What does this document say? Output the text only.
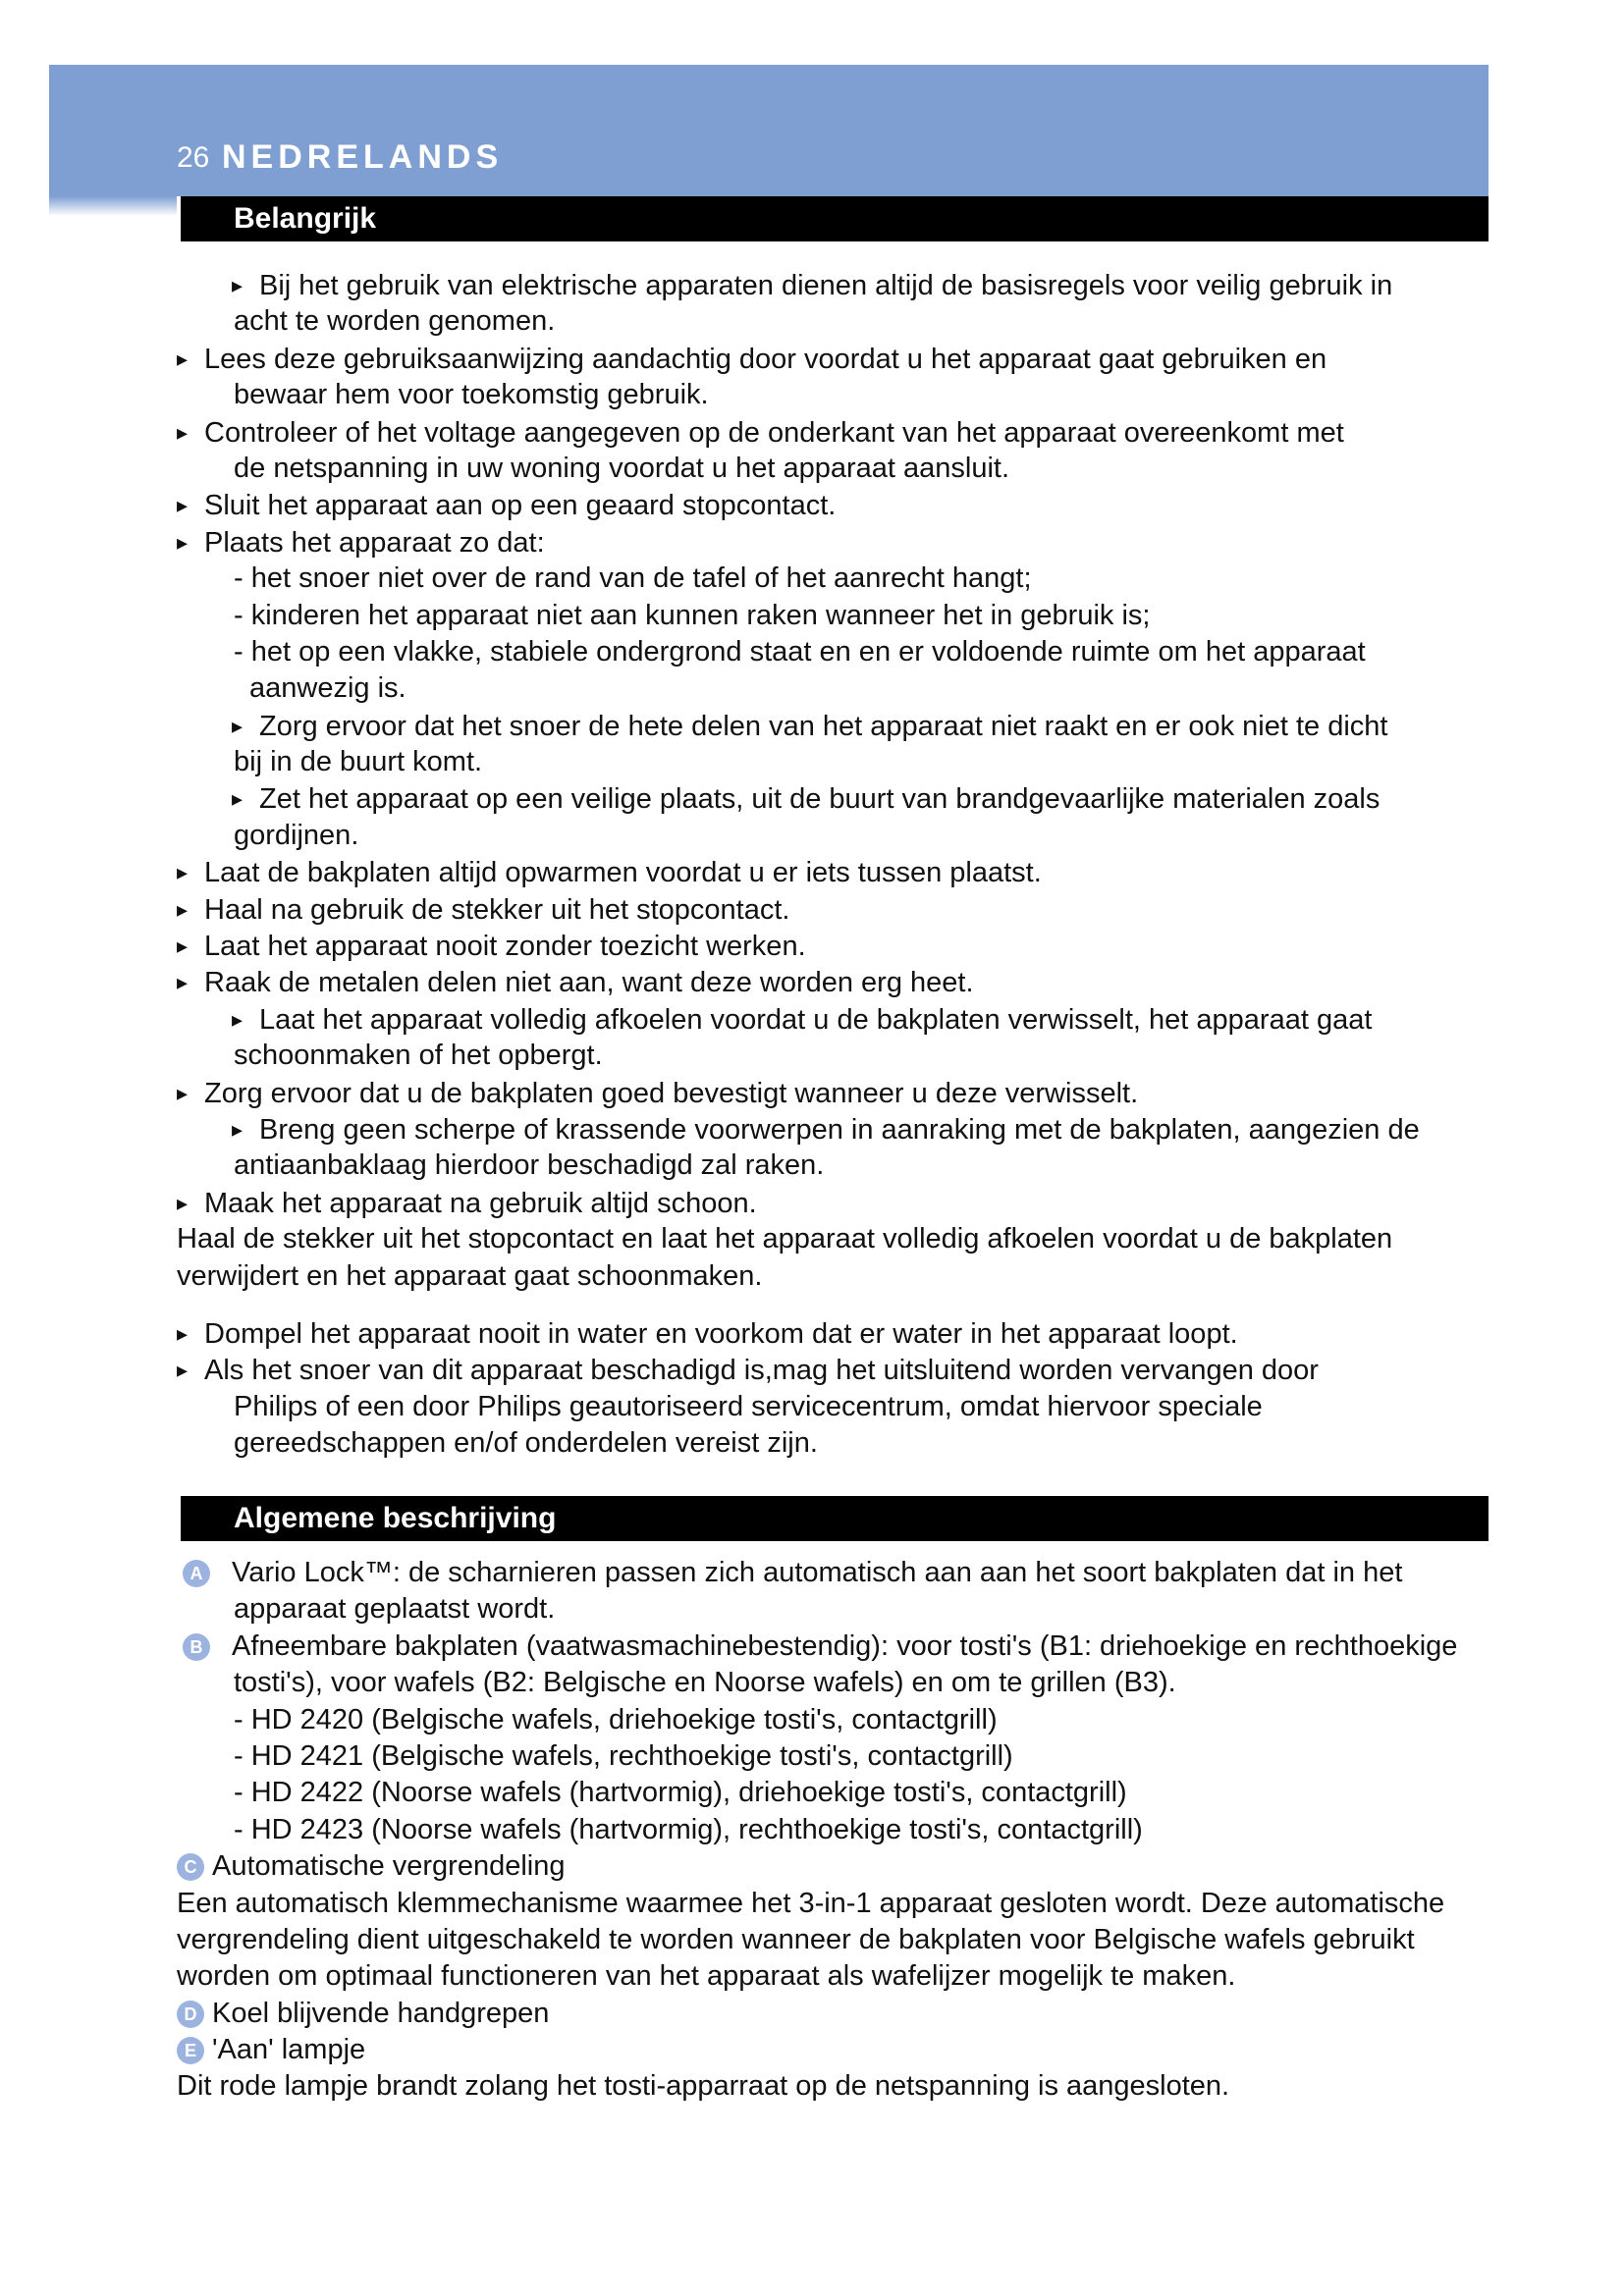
26 NEDRELANDS
Belangrijk
▸ Bij het gebruik van elektrische apparaten dienen altijd de basisregels voor veilig gebruik in
acht te worden genomen.
▸ Lees deze gebruiksaanwijzing aandachtig door voordat u het apparaat gaat gebruiken en
bewaar hem voor toekomstig gebruik.
▸ Controleer of het voltage aangegeven op de onderkant van het apparaat overeenkomt met
de netspanning in uw woning voordat u het apparaat aansluit.
▸ Sluit het apparaat aan op een geaard stopcontact.
▸ Plaats het apparaat zo dat:
- het snoer niet over de rand van de tafel of het aanrecht hangt;
- kinderen het apparaat niet aan kunnen raken wanneer het in gebruik is;
- het op een vlakke, stabiele ondergrond staat en en er voldoende ruimte om het apparaat
aanwezig is.
▸ Zorg ervoor dat het snoer de hete delen van het apparaat niet raakt en er ook niet te dicht
bij in de buurt komt.
▸ Zet het apparaat op een veilige plaats, uit de buurt van brandgevaarlijke materialen zoals
gordijnen.
▸ Laat de bakplaten altijd opwarmen voordat u er iets tussen plaatst.
▸ Haal na gebruik de stekker uit het stopcontact.
▸ Laat het apparaat nooit zonder toezicht werken.
▸ Raak de metalen delen niet aan, want deze worden erg heet.
▸ Laat het apparaat volledig afkoelen voordat u de bakplaten verwisselt, het apparaat gaat
schoonmaken of het opbergt.
▸ Zorg ervoor dat u de bakplaten goed bevestigt wanneer u deze verwisselt.
▸ Breng geen scherpe of krassende voorwerpen in aanraking met de bakplaten, aangezien de
antiaanbaklaag hierdoor beschadigd zal raken.
▸ Maak het apparaat na gebruik altijd schoon.
Haal de stekker uit het stopcontact en laat het apparaat volledig afkoelen voordat u de bakplaten
verwijdert en het apparaat gaat schoonmaken.
▸ Dompel het apparaat nooit in water en voorkom dat er water in het apparaat loopt.
▸ Als het snoer van dit apparaat beschadigd is,mag het uitsluitend worden vervangen door
Philips of een door Philips geautoriseerd servicecentrum, omdat hiervoor speciale
gereedschappen en/of onderdelen vereist zijn.
Algemene beschrijving
A Vario Lock™: de scharnieren passen zich automatisch aan aan het soort bakplaten dat in het
apparaat geplaatst wordt.
B Afneembare bakplaten (vaatwasmachinebestendig): voor tosti's (B1: driehoekige en rechthoekige
tosti's), voor wafels (B2: Belgische en Noorse wafels) en om te grillen (B3).
- HD 2420 (Belgische wafels, driehoekige tosti's, contactgrill)
- HD 2421 (Belgische wafels, rechthoekige tosti's, contactgrill)
- HD 2422 (Noorse wafels (hartvormig), driehoekige tosti's, contactgrill)
- HD 2423 (Noorse wafels (hartvormig), rechthoekige tosti's, contactgrill)
C Automatische vergrendeling
Een automatisch klemmechanisme waarmee het 3-in-1 apparaat gesloten wordt. Deze automatische
vergrendeling dient uitgeschakeld te worden wanneer de bakplaten voor Belgische wafels gebruikt
worden om optimaal functioneren van het apparaat als wafelijzer mogelijk te maken.
D Koel blijvende handgrepen
E 'Aan' lampje
Dit rode lampje brandt zolang het tosti-apparraat op de netspanning is aangesloten.
